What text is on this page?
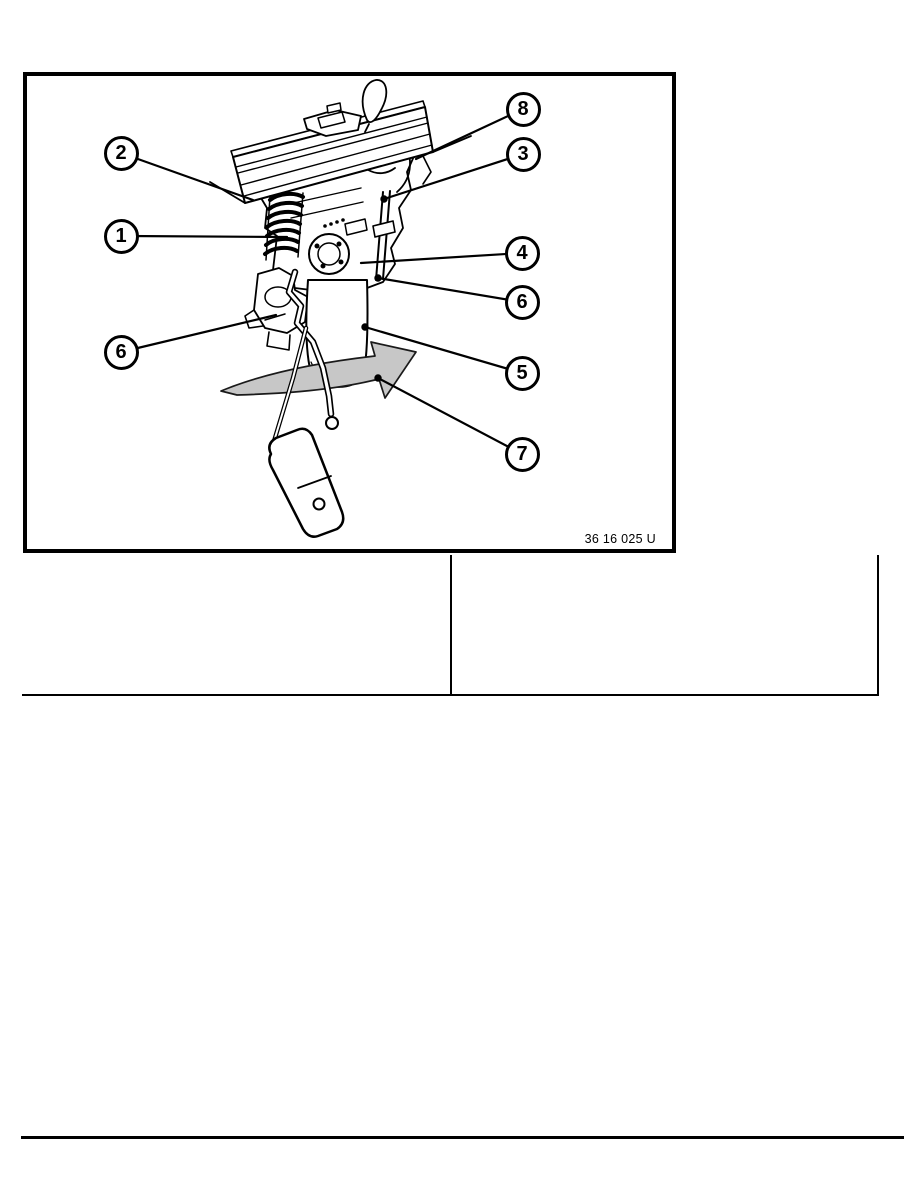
2
1
6
8
3
4
6
5
7
36 16 025 U
